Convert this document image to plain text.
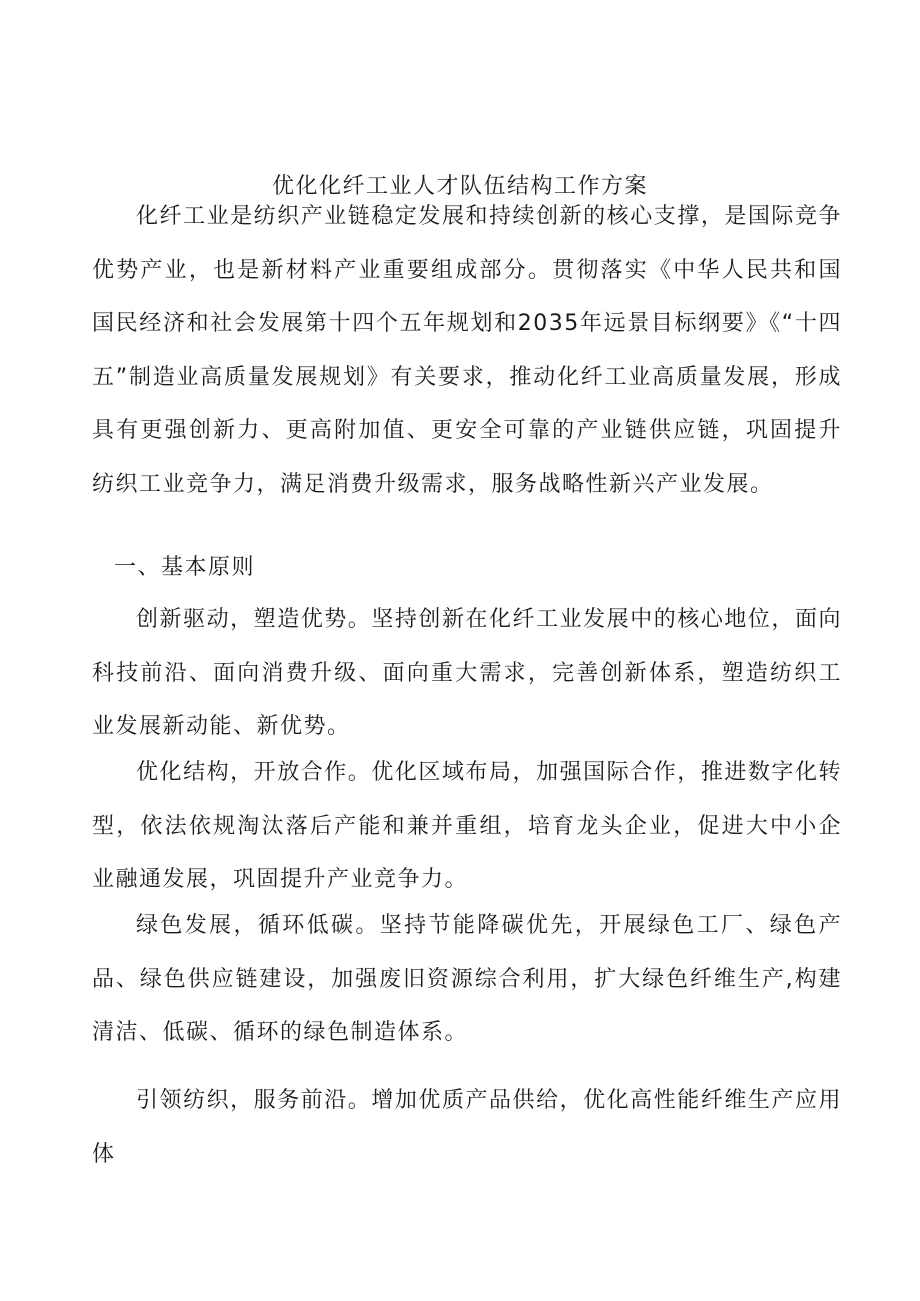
优化化纤工业人才队伍结构工作方案

化纤工业是纺织产业链稳定发展和持续创新的核心支撑，是国际竞争优势产业，也是新材料产业重要组成部分。贯彻落实《中华人民共和国国民经济和社会发展第十四个五年规划和2035年远景目标纲要》《“十四五”制造业高质量发展规划》有关要求，推动化纤工业高质量发展，形成具有更强创新力、更高附加值、更安全可靠的产业链供应链，巩固提升纺织工业竞争力，满足消费升级需求，服务战略性新兴产业发展。

一、基本原则

创新驱动，塑造优势。坚持创新在化纤工业发展中的核心地位，面向科技前沿、面向消费升级、面向重大需求，完善创新体系，塑造纺织工业发展新动能、新优势。

优化结构，开放合作。优化区域布局，加强国际合作，推进数字化转型，依法依规淘汰落后产能和兼并重组，培育龙头企业，促进大中小企业融通发展，巩固提升产业竞争力。

绿色发展，循环低碳。坚持节能降碳优先，开展绿色工厂、绿色产品、绿色供应链建设，加强废旧资源综合利用，扩大绿色纤维生产,构建清洁、低碳、循环的绿色制造体系。

引领纺织，服务前沿。增加优质产品供给，优化高性能纤维生产应用体
